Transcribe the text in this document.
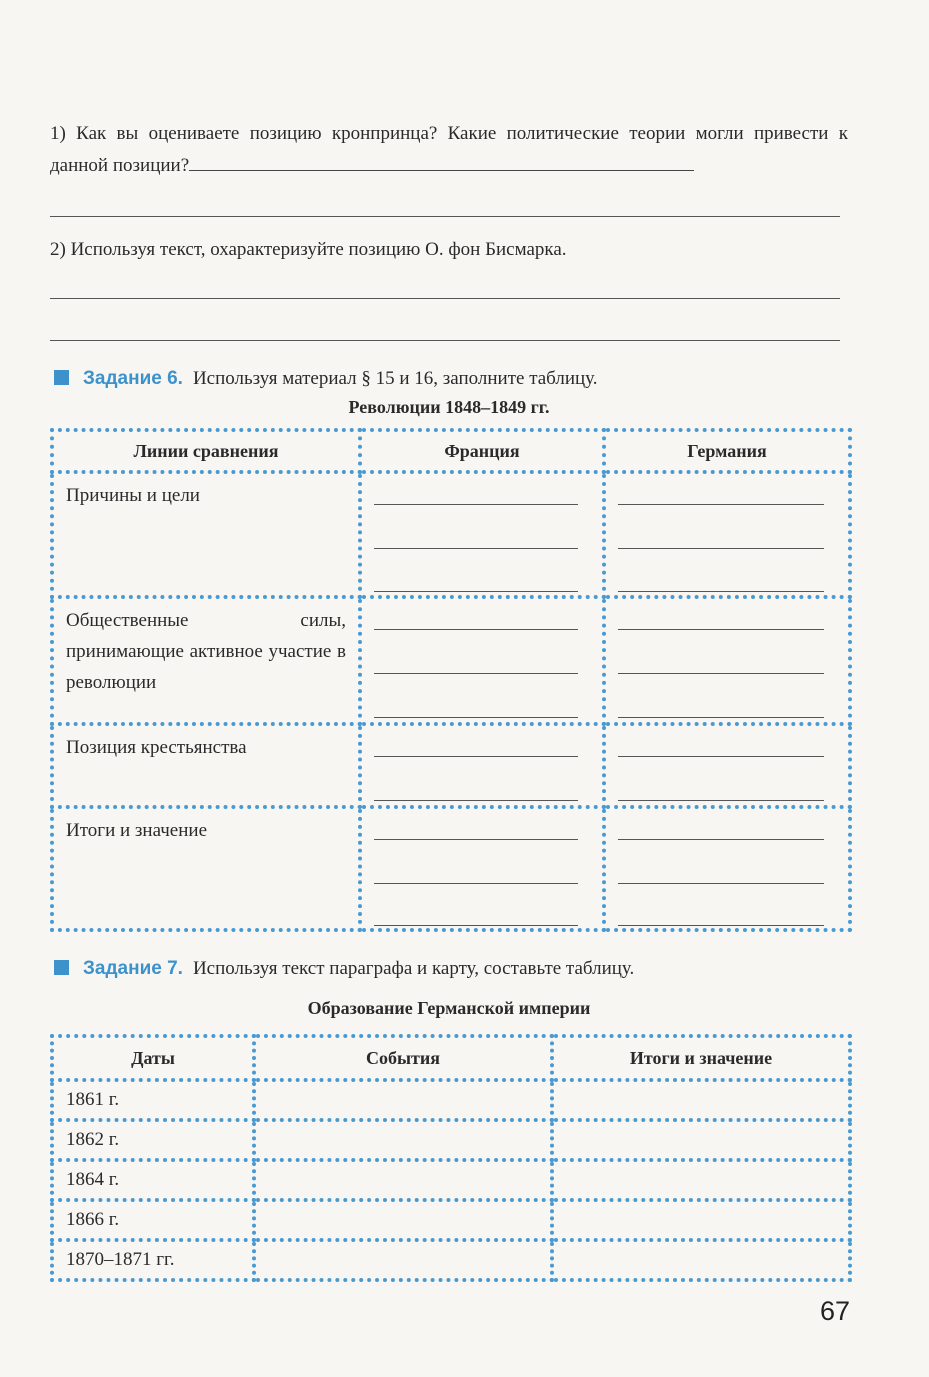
1) Как вы оцениваете позицию кронпринца? Какие политические теории могли привести к данной позиции?
2) Используя текст, охарактеризуйте позицию О. фон Бисмарка.
Задание 6. Используя материал § 15 и 16, заполните таблицу.
Революции 1848–1849 гг.
Линии сравнения	Франция	Германия
Причины и цели	

Общественные силы, принимающие активное участие в революции	

Позиция крестьянства	

Итоги и значение	

Задание 7. Используя текст параграфа и карту, составьте таблицу.
Образование Германской империи
Даты	События	Итоги и значение
1861 г.		
1862 г.		
1864 г.		
1866 г.		
1870–1871 гг.		
67
